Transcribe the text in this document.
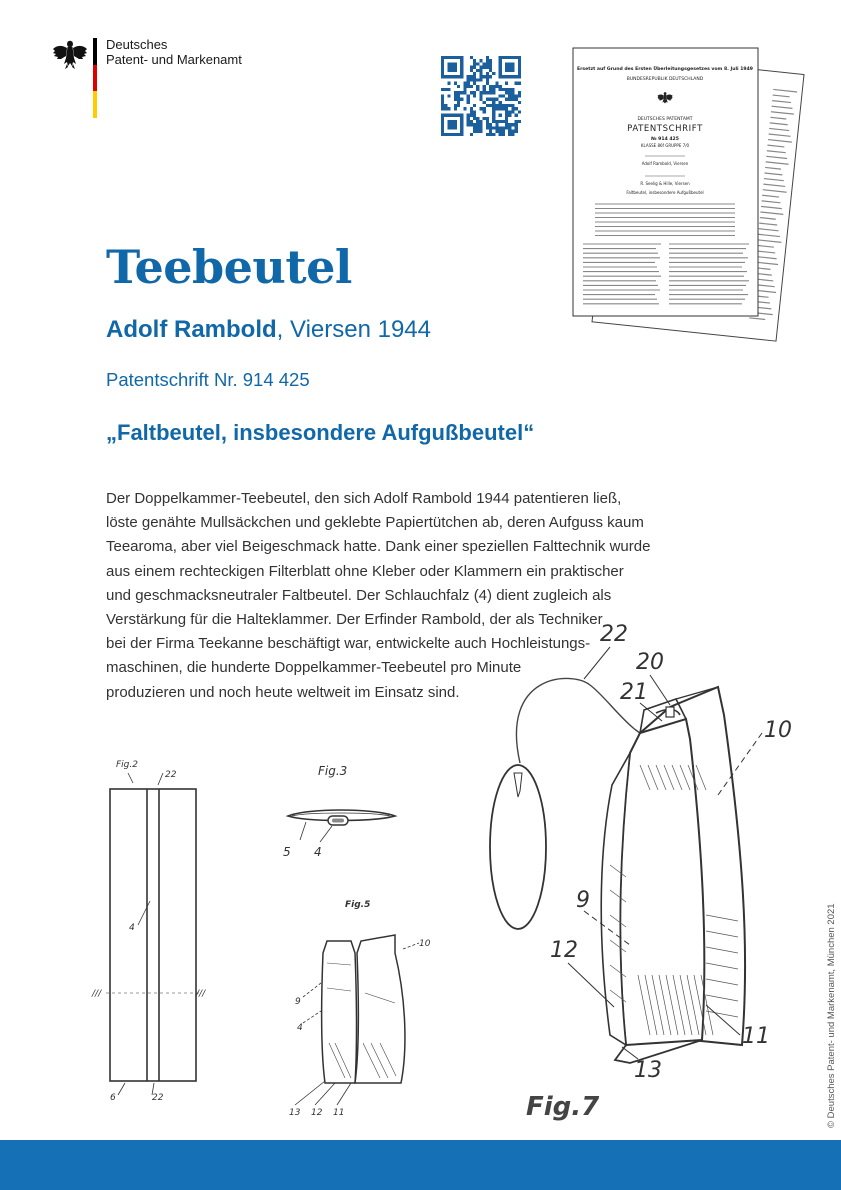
Deutsches
Patent- und Markenamt
Ersetzt auf Grund des Ersten Überleitungsgesetzes vom 8. Juli 1949
BUNDESREPUBLIK DEUTSCHLAND
DEUTSCHES PATENTAMT
PATENTSCHRIFT
№ 914 425
KLASSE 86f GRUPPE 7/0
Adolf Rambold, Viersen
R. Seelig & Hille, Viersen
Faltbeutel, insbesondere Aufgußbeutel
Teebeutel
Adolf Rambold, Viersen 1944
Patentschrift Nr. 914 425
„Faltbeutel, insbesondere Aufgußbeutel“
Der Doppelkammer-Teebeutel, den sich Adolf Rambold 1944 patentieren ließ,
löste genähte Mullsäckchen und geklebte Papiertütchen ab, deren Aufguss kaum
Teearoma, aber viel Beigeschmack hatte. Dank einer speziellen Falttechnik wurde
aus einem rechteckigen Filterblatt ohne Kleber oder Klammern ein praktischer
und geschmacksneutraler Faltbeutel. Der Schlauchfalz (4) dient zugleich als
Verstärkung für die Halteklammer. Der Erfinder Rambold, der als Techniker
bei der Firma Teekanne beschäftigt war, entwickelte auch Hochleistungs-
maschinen, die hunderte Doppelkammer-Teebeutel pro Minute
produzieren und noch heute weltweit im Einsatz sind.
Fig.2
22
4
///	///
6	22
Fig.3
5 4
Fig.5
10
9
4
13 12 11
22
20
21
10
9
12
13
11
Fig.7	© Deutsches Patent- und Markenamt, München 2021
